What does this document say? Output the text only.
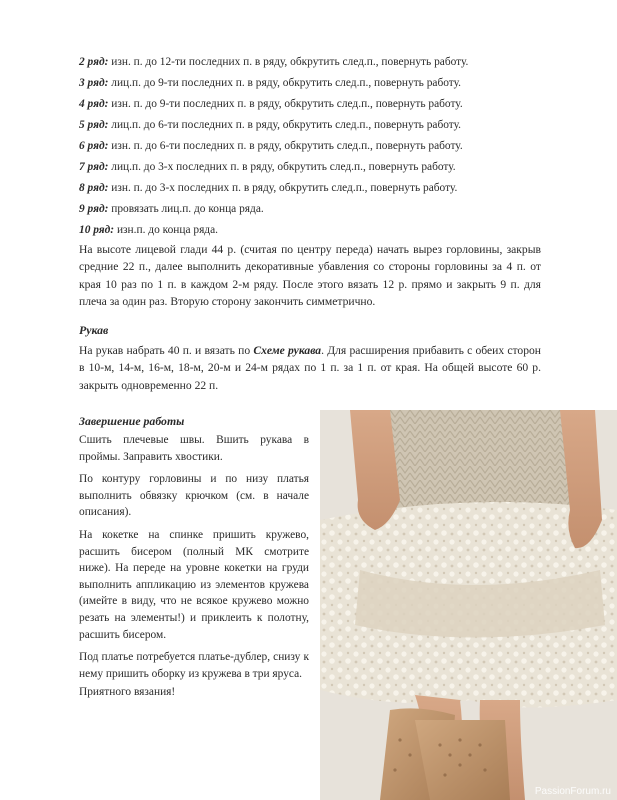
2 ряд: изн. п. до 12-ти последних п. в ряду, обкрутить след.п., повернуть работу.
3 ряд: лиц.п. до 9-ти последних п. в ряду, обкрутить след.п., повернуть работу.
4 ряд: изн. п. до 9-ти последних п. в ряду, обкрутить след.п., повернуть работу.
5 ряд: лиц.п. до 6-ти последних п. в ряду, обкрутить след.п., повернуть работу.
6 ряд: изн. п. до 6-ти последних п. в ряду, обкрутить след.п., повернуть работу.
7 ряд: лиц.п. до 3-х последних п. в ряду, обкрутить след.п., повернуть работу.
8 ряд: изн. п. до 3-х последних п. в ряду, обкрутить след.п., повернуть работу.
9 ряд: провязать лиц.п. до конца ряда.
10 ряд: изн.п. до конца ряда.
На высоте лицевой глади 44 р. (считая по центру переда) начать вырез горловины, закрыв средние 22 п., далее выполнить декоративные убавления со стороны горловины за 4 п. от края 10 раз по 1 п. в каждом 2-м ряду. После этого вязать 12 р. прямо и закрыть 9 п. для плеча за один раз. Вторую сторону закончить симметрично.
Рукав
На рукав набрать 40 п. и вязать по Схеме рукава. Для расширения прибавить с обеих сторон в 10-м, 14-м, 16-м, 18-м, 20-м и 24-м рядах по 1 п. за 1 п. от края. На общей высоте 60 р. закрыть одновременно 22 п.
Завершение работы

Сшить плечевые швы. Вшить рукава в проймы. Заправить хвостики.

По контуру горловины и по низу платья выполнить обвязку крючком (см. в начале описания).

На кокетке на спинке пришить кружево, расшить бисером (полный МК смотрите ниже). На переде на уровне кокетки на груди выполнить аппликацию из элементов кружева (имейте в виду, что не всякое кружево можно резать на элементы!) и приклеить к полотну, расшить бисером.

Под платье потребуется платье-дублер, снизу к нему пришить оборку из кружева в три яруса.

Приятного вязания!
PassionForum.ru
